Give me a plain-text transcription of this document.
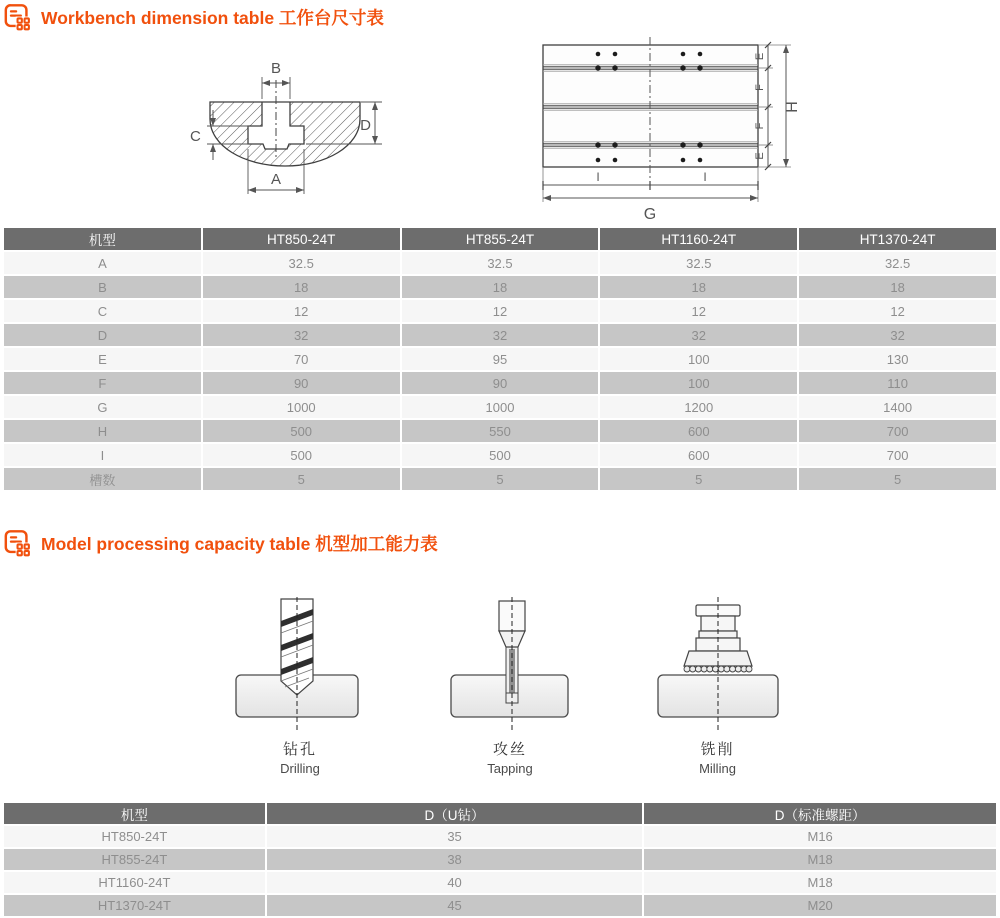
Workbench dimension table 工作台尺寸表
B
A
C
D
E
F
F
E
H
I	I
G
机型	HT850-24T	HT855-24T	HT1160-24T	HT1370-24T
A	32.5	32.5	32.5	32.5
B	18	18	18	18
C	12	12	12	12
D	32	32	32	32
E	70	95	100	130
F	90	90	100	110
G	1000	1000	1200	1400
H	500	550	600	700
I	500	500	600	700
槽数	5	5	5	5
Model processing capacity table 机型加工能力表
钻孔
Drilling
攻丝
Tapping
铣削
Milling
机型	D（U钻）	D（标准螺距）
HT850-24T	35	M16
HT855-24T	38	M18
HT1160-24T	40	M18
HT1370-24T	45	M20
